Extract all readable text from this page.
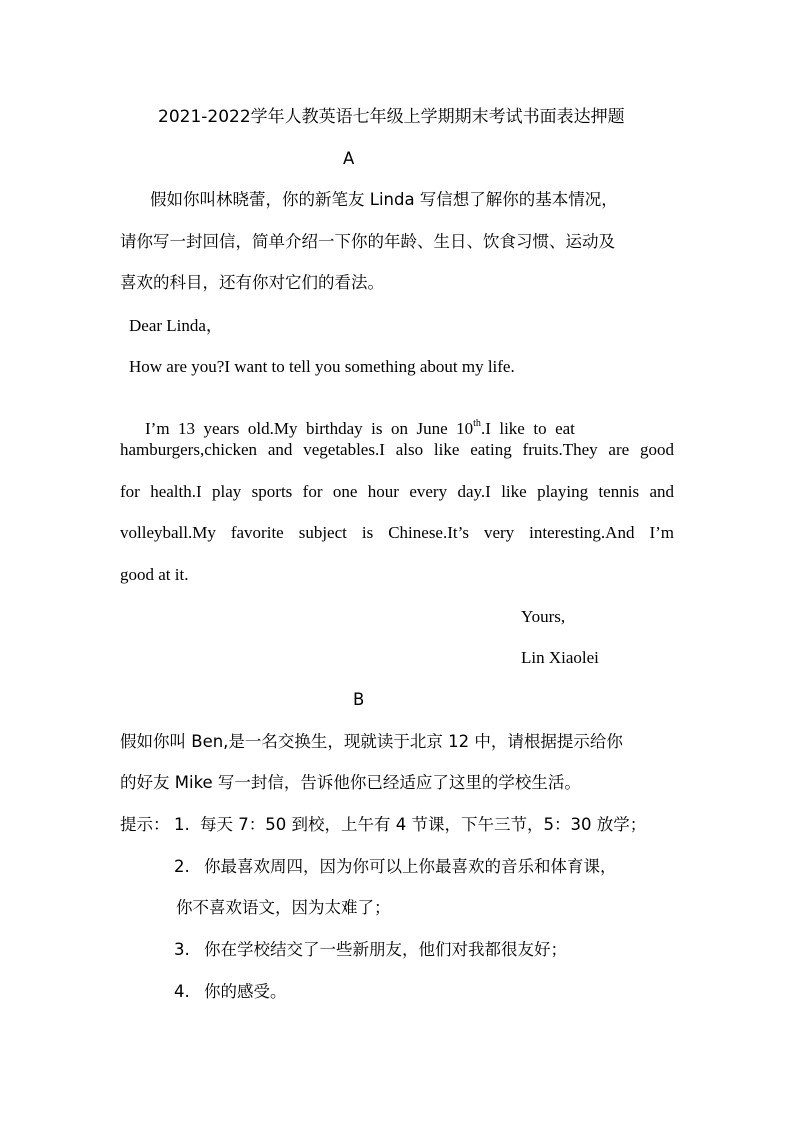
2021-2022学年人教英语七年级上学期期末考试书面表达押题
A
假如你叫林晓蕾，你的新笔友 Linda 写信想了解你的基本情况，
请你写一封回信，简单介绍一下你的年龄、生日、饮食习惯、运动及
喜欢的科目，还有你对它们的看法。
Dear Linda，
How are you?I want to tell you something about my life.

I’m  13  years  old.My  birthday  is  on  June  10th.I  like  to  eat

hamburgers,chicken and vegetables.I also like eating fruits.They are good
for health.I play sports for one hour every day.I like playing tennis and
volleyball.My  favorite  subject  is  Chinese.It’s  very  interesting.And  I’m
good at it.
Yours,
Lin Xiaolei
B
假如你叫 Ben,是一名交换生，现就读于北京 12 中，请根据提示给你
的好友 Mike 写一封信，告诉他你已经适应了这里的学校生活。
提示： 1. 每天 7：50 到校，上午有 4 节课，下午三节，5：30 放学；
2. 你最喜欢周四，因为你可以上你最喜欢的音乐和体育课，
你不喜欢语文，因为太难了；
3. 你在学校结交了一些新朋友，他们对我都很友好；
4. 你的感受。
